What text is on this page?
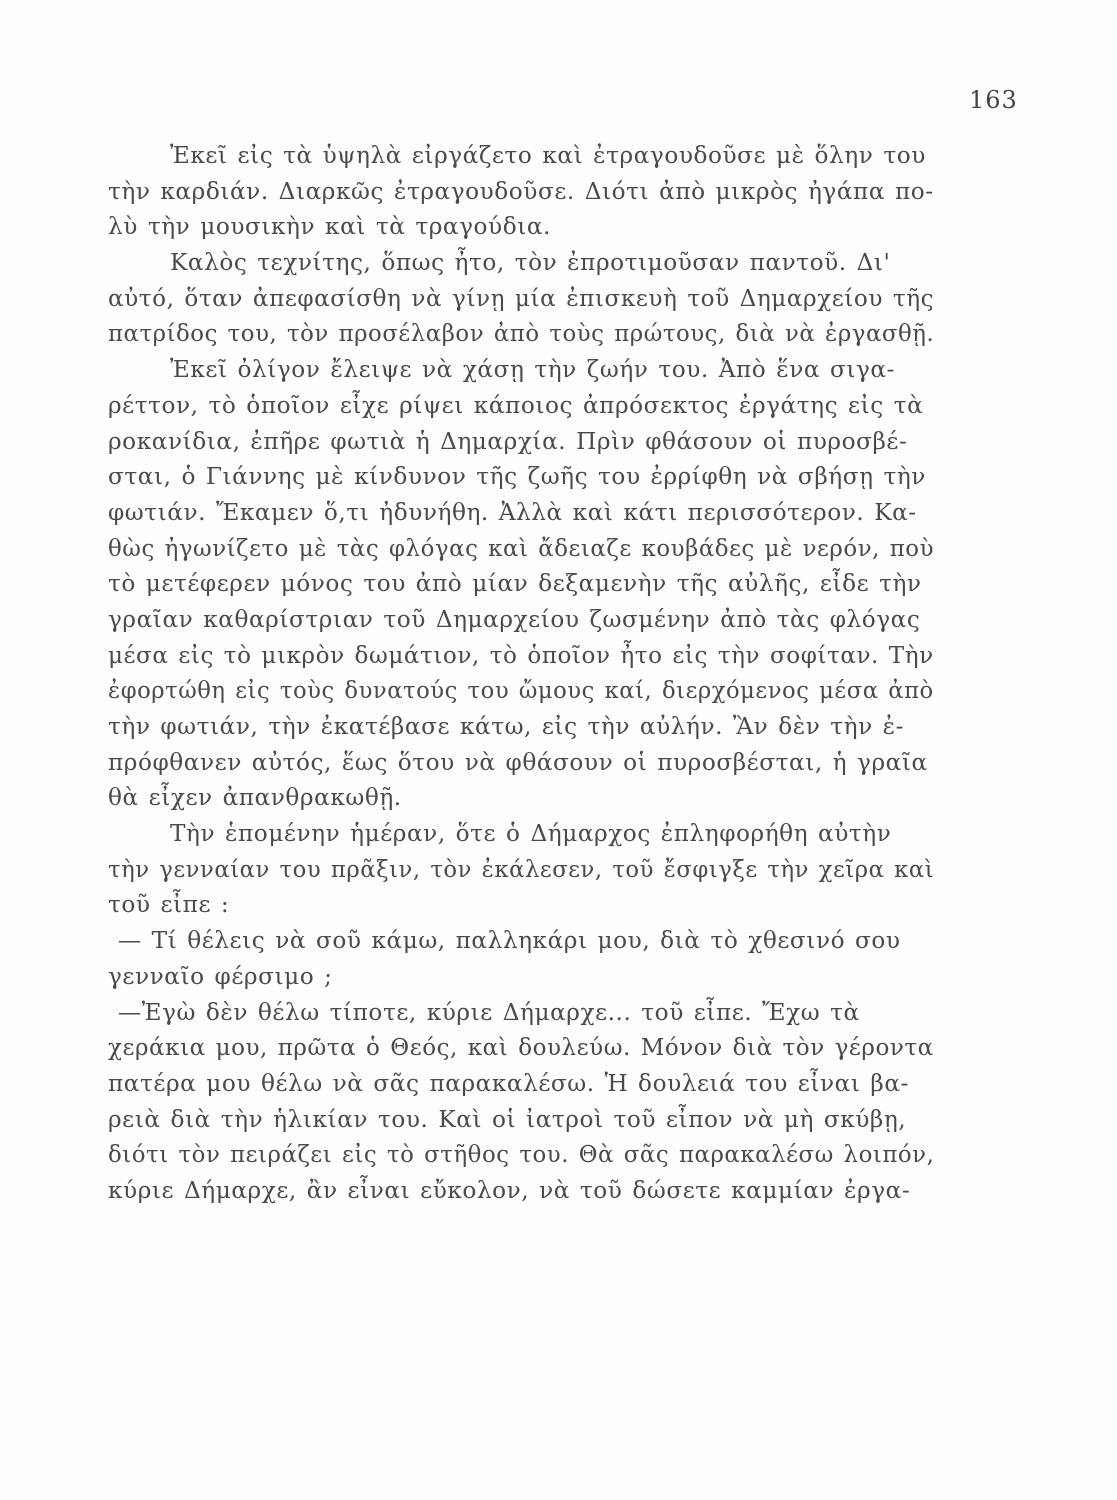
163
Ἐκεῖ εἰς τὰ ὑψηλὰ εἰργάζετο καὶ ἐτραγουδοῦσε μὲ ὅλην του
τὴν καρδιάν. Διαρκῶς ἐτραγουδοῦσε. Διότι ἀπὸ μικρὸς ἠγάπα πο-
λὺ τὴν μουσικὴν καὶ τὰ τραγούδια.
Καλὸς τεχνίτης, ὅπως ἦτο, τὸν ἐπροτιμοῦσαν παντοῦ. Δι'
αὐτό, ὅταν ἀπεφασίσθη νὰ γίνῃ μία ἐπισκευὴ τοῦ Δημαρχείου τῆς
πατρίδος του, τὸν προσέλαβον ἀπὸ τοὺς πρώτους, διὰ νὰ ἐργασθῇ.
Ἐκεῖ ὀλίγον ἔλειψε νὰ χάσῃ τὴν ζωήν του. Ἀπὸ ἕνα σιγα-
ρέττον, τὸ ὁποῖον εἶχε ρίψει κάποιος ἀπρόσεκτος ἐργάτης εἰς τὰ
ροκανίδια, ἐπῆρε φωτιὰ ἡ Δημαρχία. Πρὶν φθάσουν οἱ πυροσβέ-
σται, ὁ Γιάννης μὲ κίνδυνον τῆς ζωῆς του ἐρρίφθη νὰ σβήσῃ τὴν
φωτιάν. Ἔκαμεν ὅ,τι ἠδυνήθη. Ἀλλὰ καὶ κάτι περισσότερον. Κα-
θὼς ἠγωνίζετο μὲ τὰς φλόγας καὶ ἄδειαζε κουβάδες μὲ νερόν, ποὺ
τὸ μετέφερεν μόνος του ἀπὸ μίαν δεξαμενὴν τῆς αὐλῆς, εἶδε τὴν
γραῖαν καθαρίστριαν τοῦ Δημαρχείου ζωσμένην ἀπὸ τὰς φλόγας
μέσα εἰς τὸ μικρὸν δωμάτιον, τὸ ὁποῖον ἦτο εἰς τὴν σοφίταν. Τὴν
ἐφορτώθη εἰς τοὺς δυνατούς του ὤμους καί, διερχόμενος μέσα ἀπὸ
τὴν φωτιάν, τὴν ἐκατέβασε κάτω, εἰς τὴν αὐλήν. Ἂν δὲν τὴν ἐ-
πρόφθανεν αὐτός, ἕως ὅτου νὰ φθάσουν οἱ πυροσβέσται, ἡ γραῖα
θὰ εἶχεν ἀπανθρακωθῇ.
Τὴν ἑπομένην ἡμέραν, ὅτε ὁ Δήμαρχος ἐπληφορήθη αὐτὴν
τὴν γενναίαν του πρᾶξιν, τὸν ἐκάλεσεν, τοῦ ἔσφιγξε τὴν χεῖρα καὶ
τοῦ εἶπε :
— Τί θέλεις νὰ σοῦ κάμω, παλληκάρι μου, διὰ τὸ χθεσινό σου
γενναῖο φέρσιμο ;
—Ἐγὼ δὲν θέλω τίποτε, κύριε Δήμαρχε... τοῦ εἶπε. Ἔχω τὰ
χεράκια μου, πρῶτα ὁ Θεός, καὶ δουλεύω. Μόνον διὰ τὸν γέροντα
πατέρα μου θέλω νὰ σᾶς παρακαλέσω. Ἡ δουλειά του εἶναι βα-
ρειὰ διὰ τὴν ἡλικίαν του. Καὶ οἱ ἰατροὶ τοῦ εἶπον νὰ μὴ σκύβῃ,
διότι τὸν πειράζει εἰς τὸ στῆθος του. Θὰ σᾶς παρακαλέσω λοιπόν,
κύριε Δήμαρχε, ἂν εἶναι εὔκολον, νὰ τοῦ δώσετε καμμίαν ἐργα-
